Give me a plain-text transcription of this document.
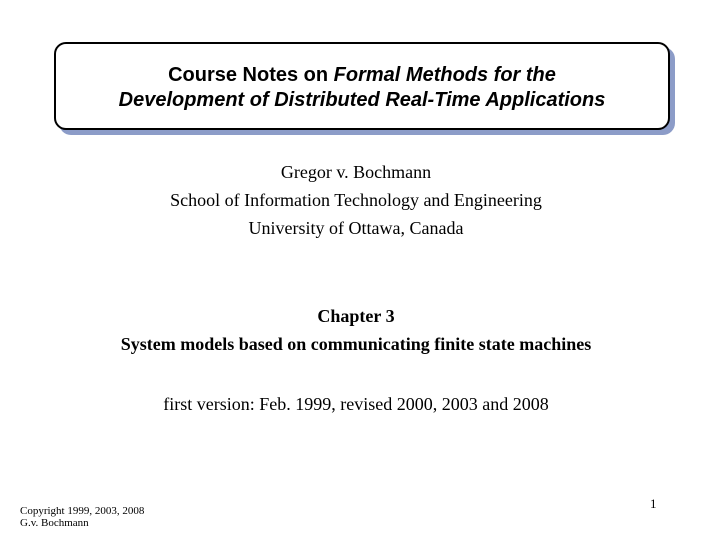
Course Notes on Formal Methods for the
Development of Distributed Real-Time Applications
Gregor v. Bochmann
School of Information Technology and Engineering
University of Ottawa, Canada
Chapter 3
System models based on communicating finite state machines
first version: Feb. 1999, revised 2000, 2003 and 2008
Copyright 1999, 2003, 2008
G.v. Bochmann
1
